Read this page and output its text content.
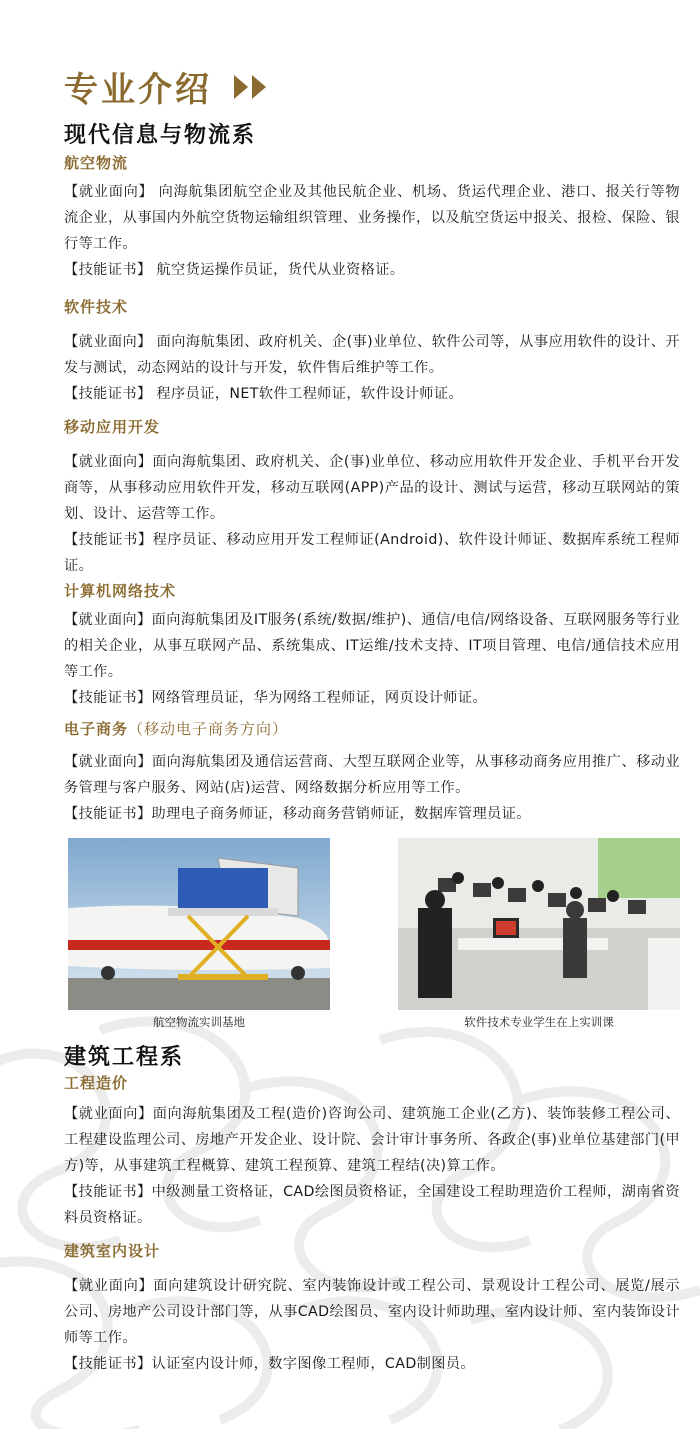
专业介绍
现代信息与物流系
航空物流

【就业面向】 向海航集团航空企业及其他民航企业、机场、货运代理企业、港口、报关行等物流企业，从事国内外航空货物运输组织管理、业务操作，以及航空货运中报关、报检、保险、银行等工作。

【技能证书】 航空货运操作员证，货代从业资格证。

软件技术

【就业面向】 面向海航集团、政府机关、企(事)业单位、软件公司等，从事应用软件的设计、开发与测试，动态网站的设计与开发，软件售后维护等工作。

【技能证书】 程序员证，NET软件工程师证，软件设计师证。

移动应用开发

【就业面向】面向海航集团、政府机关、企(事)业单位、移动应用软件开发企业、手机平台开发商等，从事移动应用软件开发，移动互联网(APP)产品的设计、测试与运营，移动互联网站的策划、设计、运营等工作。

【技能证书】程序员证、移动应用开发工程师证(Android)、软件设计师证、数据库系统工程师证。

计算机网络技术

【就业面向】面向海航集团及IT服务(系统/数据/维护)、通信/电信/网络设备、互联网服务等行业的相关企业，从事互联网产品、系统集成、IT运维/技术支持、IT项目管理、电信/通信技术应用等工作。

【技能证书】网络管理员证，华为网络工程师证，网页设计师证。

电子商务（移动电子商务方向）

【就业面向】面向海航集团及通信运营商、大型互联网企业等，从事移动商务应用推广、移动业务管理与客户服务、网站(店)运营、网络数据分析应用等工作。

【技能证书】助理电子商务师证，移动商务营销师证，数据库管理员证。

航空物流实训基地	软件技术专业学生在上实训课
建筑工程系
工程造价

【就业面向】面向海航集团及工程(造价)咨询公司、建筑施工企业(乙方)、装饰装修工程公司、工程建设监理公司、房地产开发企业、设计院、会计审计事务所、各政企(事)业单位基建部门(甲方)等，从事建筑工程概算、建筑工程预算、建筑工程结(决)算工作。

【技能证书】中级测量工资格证，CAD绘图员资格证，全国建设工程助理造价工程师，湖南省资料员资格证。

建筑室内设计

【就业面向】面向建筑设计研究院、室内装饰设计或工程公司、景观设计工程公司、展览/展示公司、房地产公司设计部门等，从事CAD绘图员、室内设计师助理、室内设计师、室内装饰设计师等工作。

【技能证书】认证室内设计师，数字图像工程师，CAD制图员。
